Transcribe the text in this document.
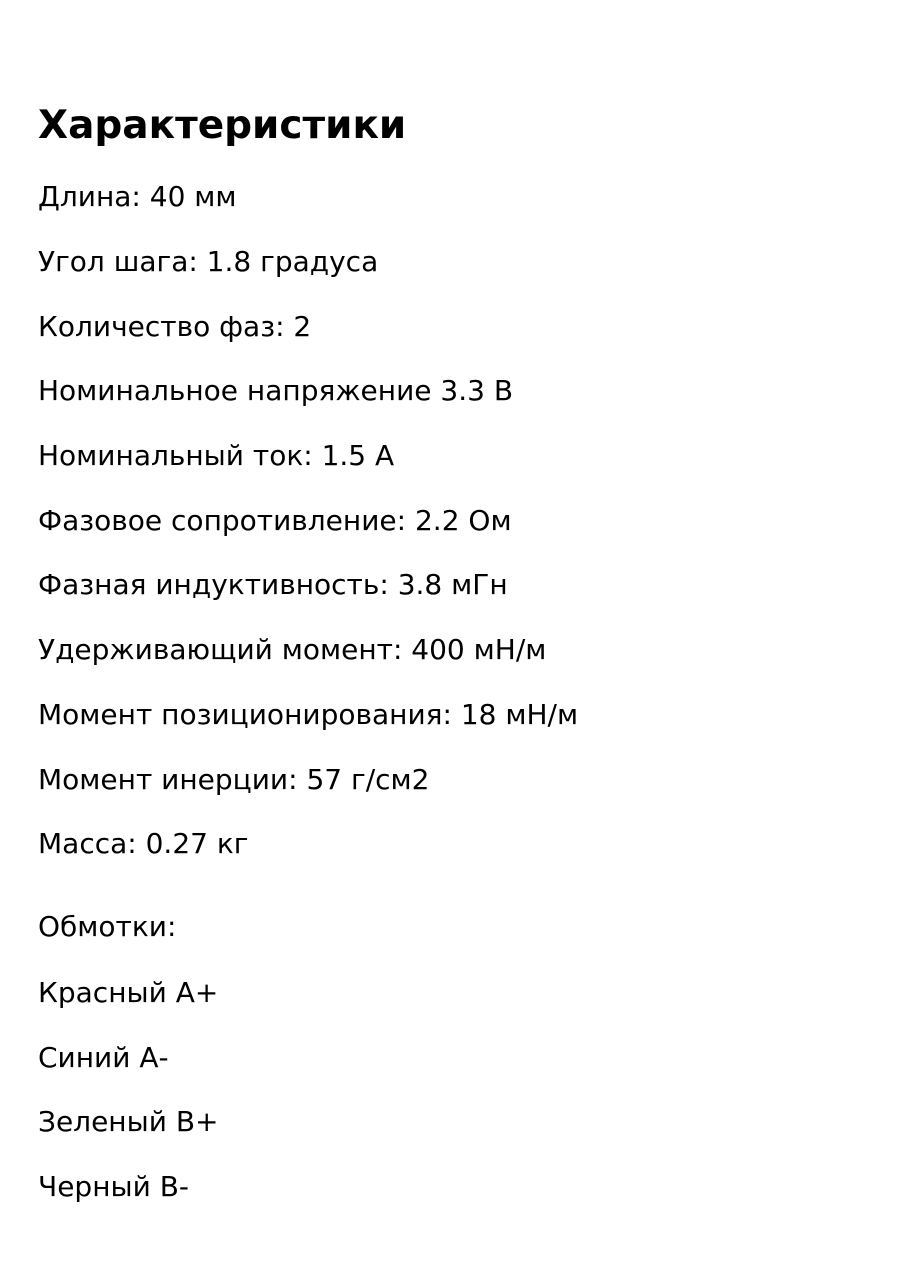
Характеристики

Длина: 40 мм

Угол шага: 1.8 градуса

Количество фаз: 2

Номинальное напряжение 3.3 В

Номинальный ток: 1.5 А

Фазовое сопротивление: 2.2 Ом

Фазная индуктивность: 3.8 мГн

Удерживающий момент: 400 мН/м

Момент позиционирования: 18 мН/м

Момент инерции: 57 г/см2

Масса: 0.27 кг

Обмотки:

Красный А+

Синий А-

Зеленый В+

Черный В-
